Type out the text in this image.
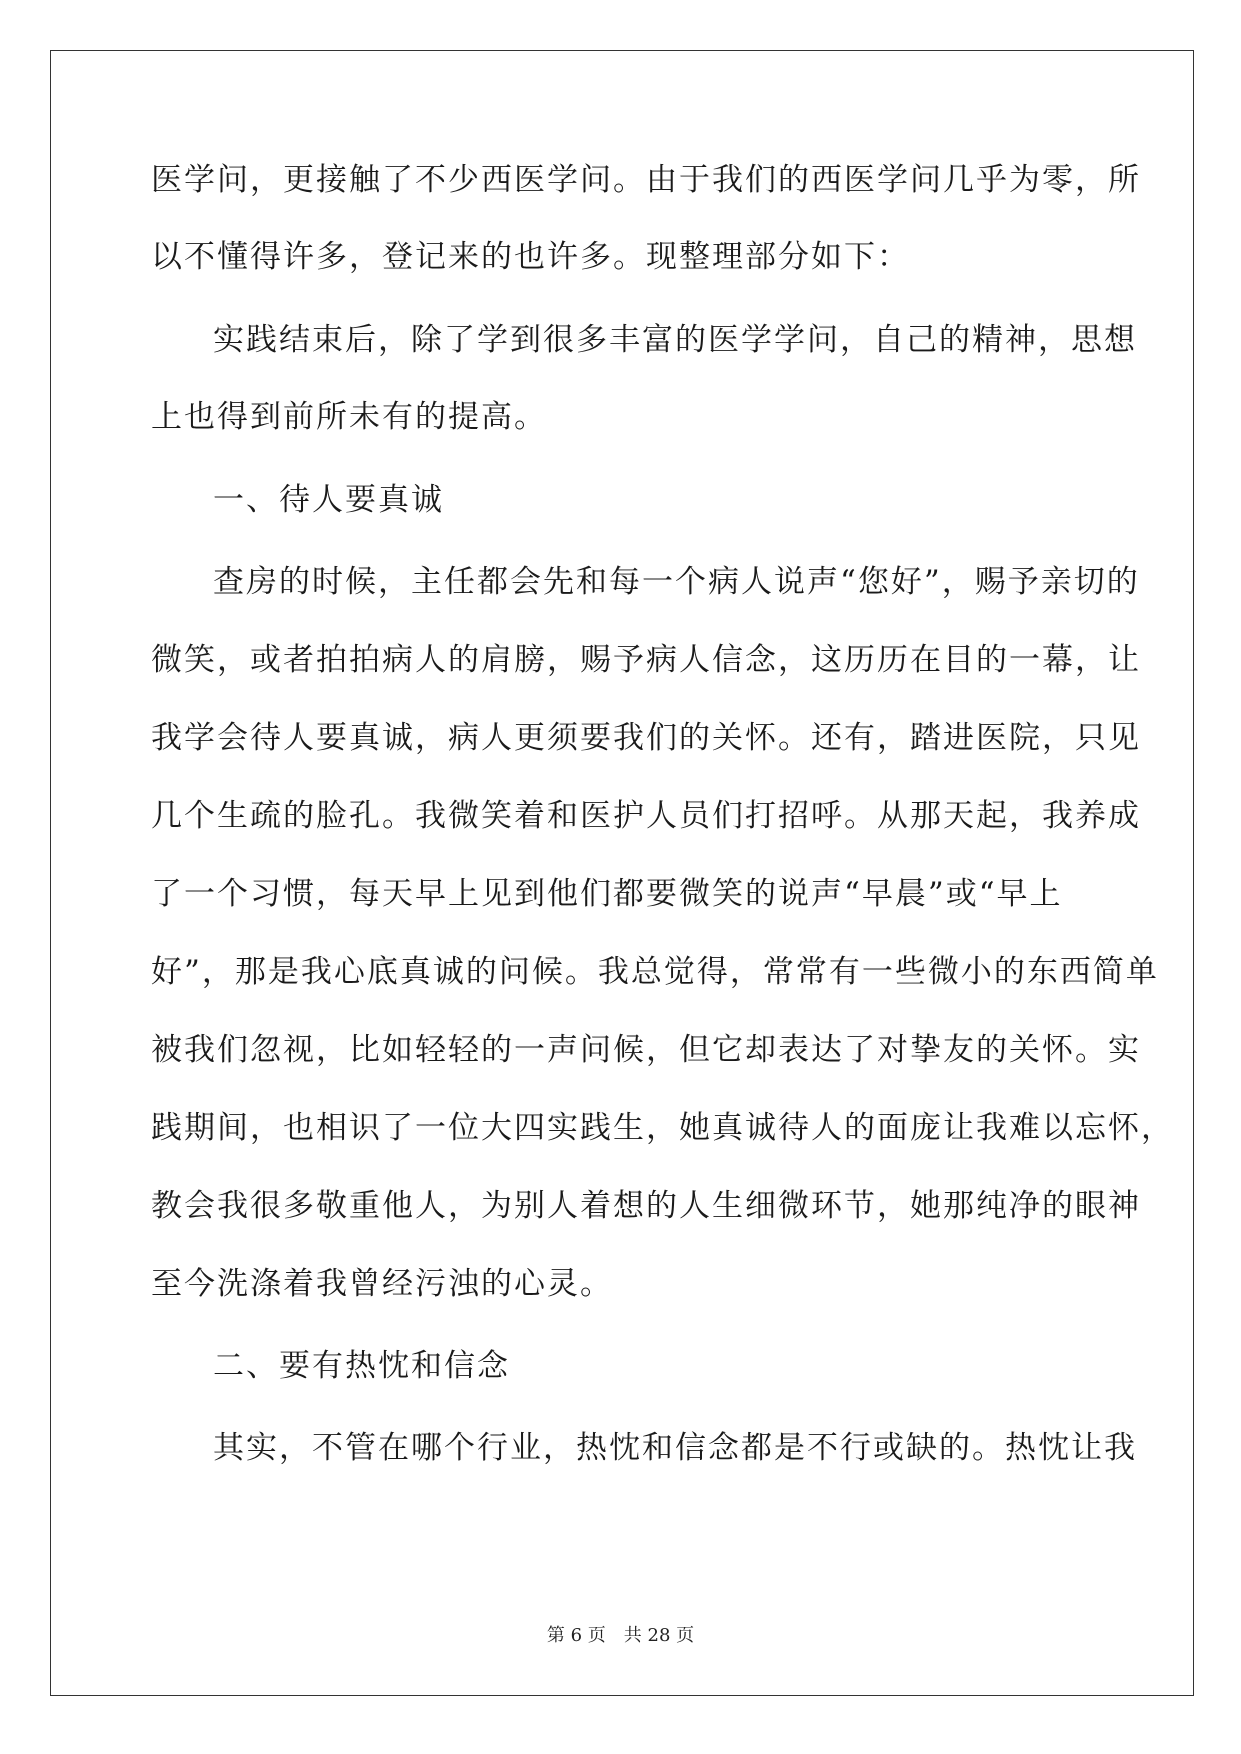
医学问，更接触了不少西医学问。由于我们的西医学问几乎为零，所
以不懂得许多，登记来的也许多。现整理部分如下：
实践结束后，除了学到很多丰富的医学学问，自己的精神，思想
上也得到前所未有的提高。
一、待人要真诚
查房的时候，主任都会先和每一个病人说声“您好”，赐予亲切的
微笑，或者拍拍病人的肩膀，赐予病人信念，这历历在目的一幕，让
我学会待人要真诚，病人更须要我们的关怀。还有，踏进医院，只见
几个生疏的脸孔。我微笑着和医护人员们打招呼。从那天起，我养成
了一个习惯，每天早上见到他们都要微笑的说声“早晨”或“早上
好”，那是我心底真诚的问候。我总觉得，常常有一些微小的东西简单
被我们忽视，比如轻轻的一声问候，但它却表达了对挚友的关怀。实
践期间，也相识了一位大四实践生，她真诚待人的面庞让我难以忘怀，
教会我很多敬重他人，为别人着想的人生细微环节，她那纯净的眼神
至今洗涤着我曾经污浊的心灵。
二、要有热忱和信念
其实，不管在哪个行业，热忱和信念都是不行或缺的。热忱让我
第 6 页 共 28 页
